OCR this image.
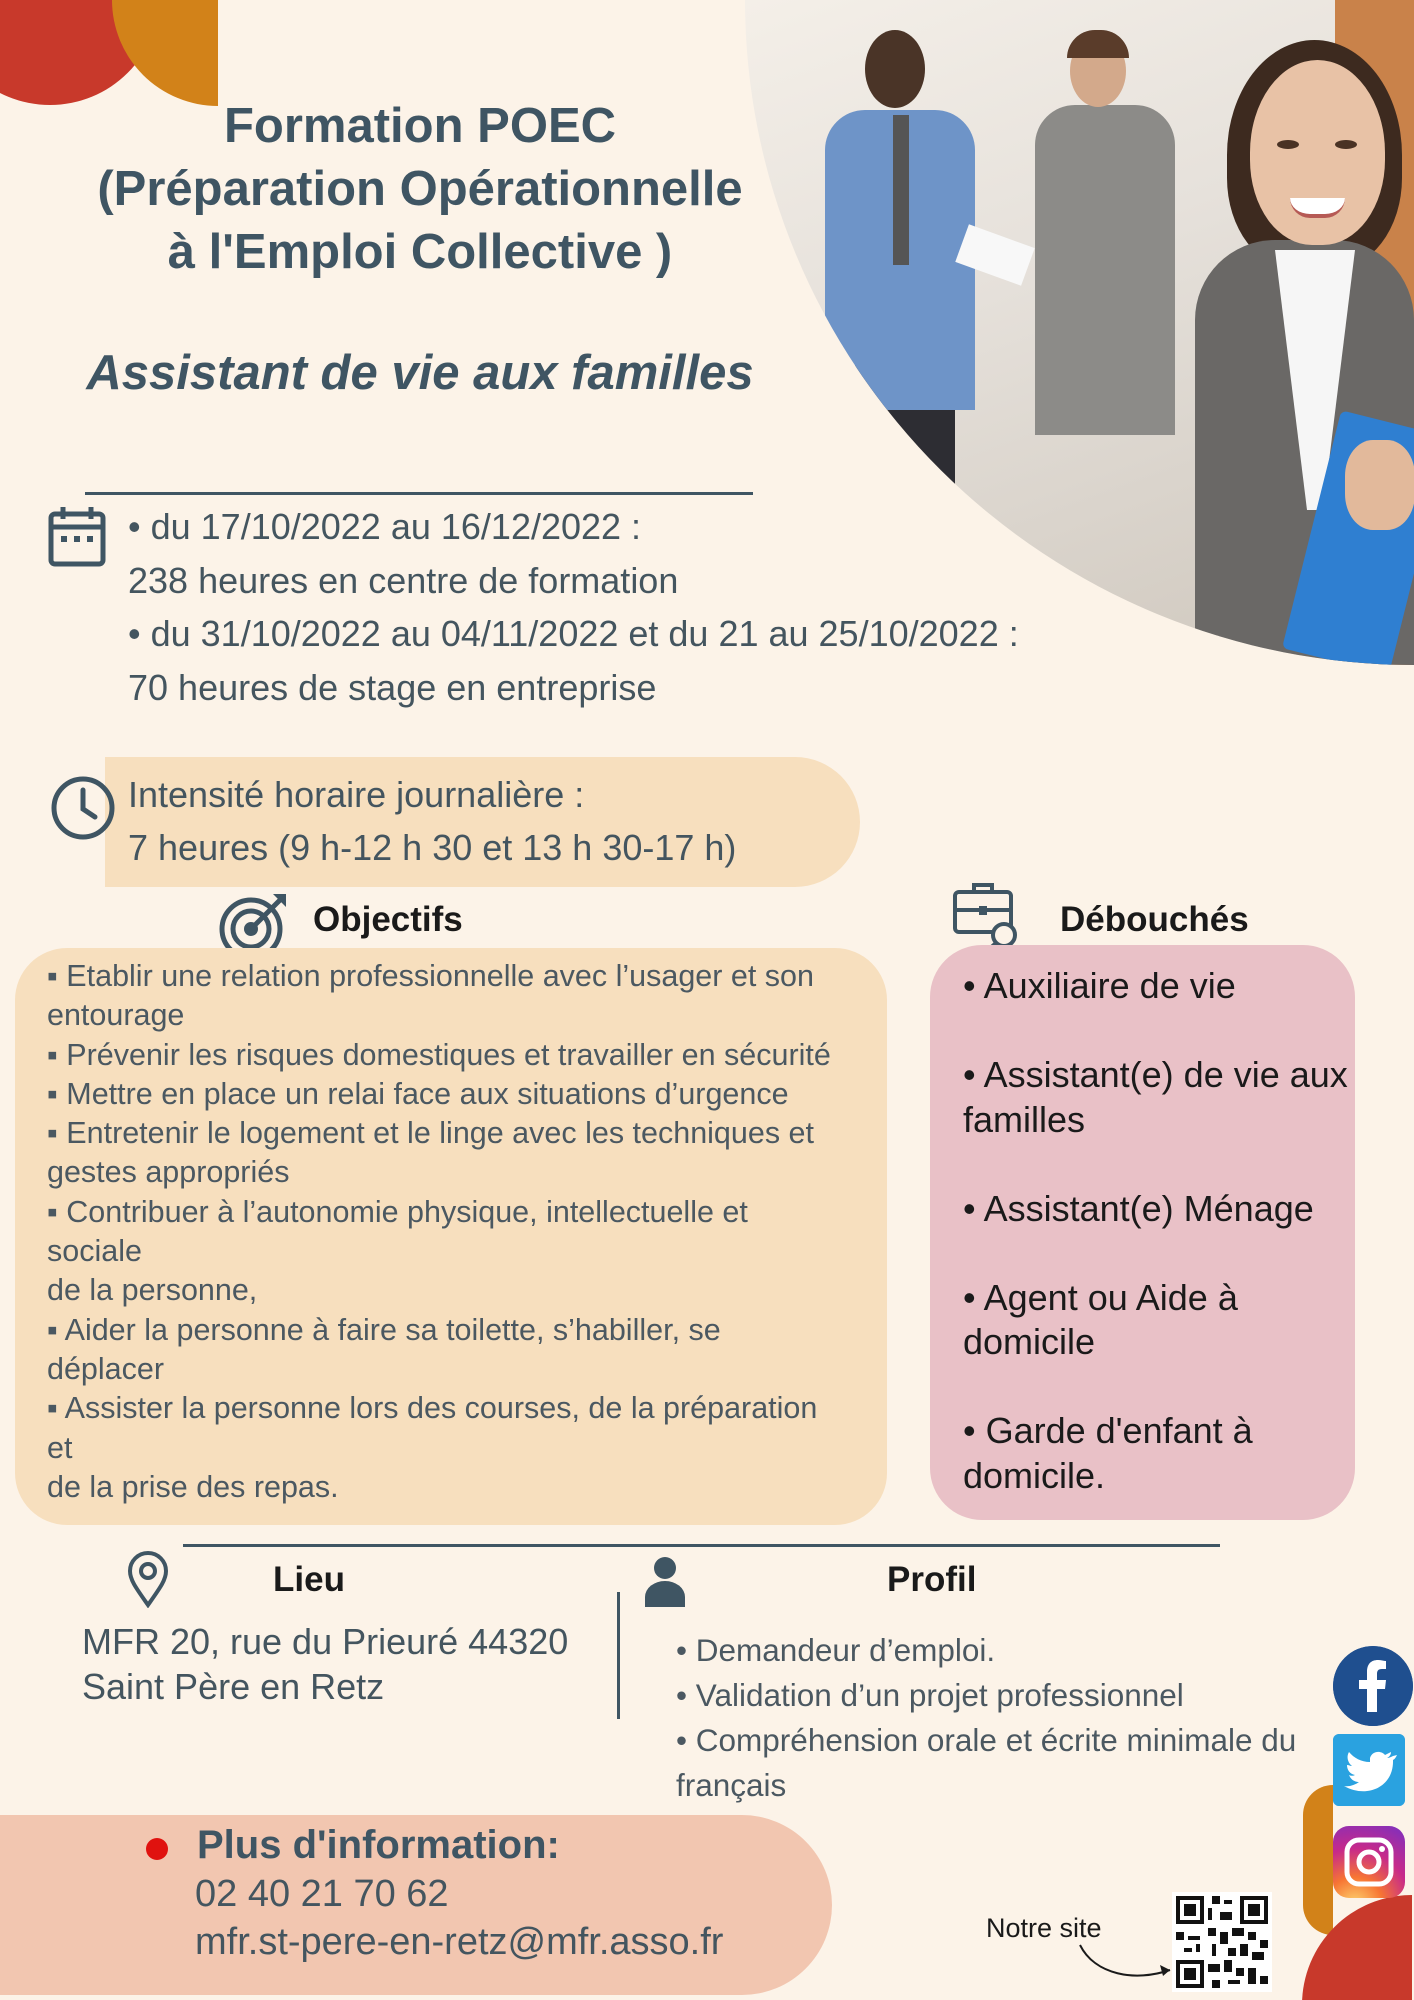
Formation POEC
(Préparation Opérationnelle
à l'Emploi Collective )
Assistant de vie aux familles
• du 17/10/2022 au 16/12/2022 :
238 heures en centre de formation
• du 31/10/2022 au 04/11/2022 et du 21 au 25/10/2022 :
70 heures de stage en entreprise
Intensité horaire journalière :
7 heures (9 h-12 h 30 et 13 h 30-17 h)
Objectifs
▪ Etablir une relation professionnelle avec l’usager et son
entourage
▪ Prévenir les risques domestiques et travailler en sécurité
▪ Mettre en place un relai face aux situations d’urgence
▪ Entretenir le logement et le linge avec les techniques et
gestes appropriés
▪ Contribuer à l’autonomie physique, intellectuelle et
sociale
de la personne,
▪ Aider la personne à faire sa toilette, s’habiller, se
déplacer
▪ Assister la personne lors des courses, de la préparation
et
de la prise des repas.
Débouchés
• Auxiliaire de vie
• Assistant(e) de vie aux familles
• Assistant(e) Ménage
• Agent ou Aide à domicile
• Garde d'enfant à domicile.
Lieu
MFR 20, rue du Prieuré 44320
Saint Père en Retz
Profil
• Demandeur d’emploi.
• Validation d’un projet professionnel
• Compréhension orale et écrite minimale du
français
Plus d'information:
02 40 21 70 62
mfr.st-pere-en-retz@mfr.asso.fr	Notre site
